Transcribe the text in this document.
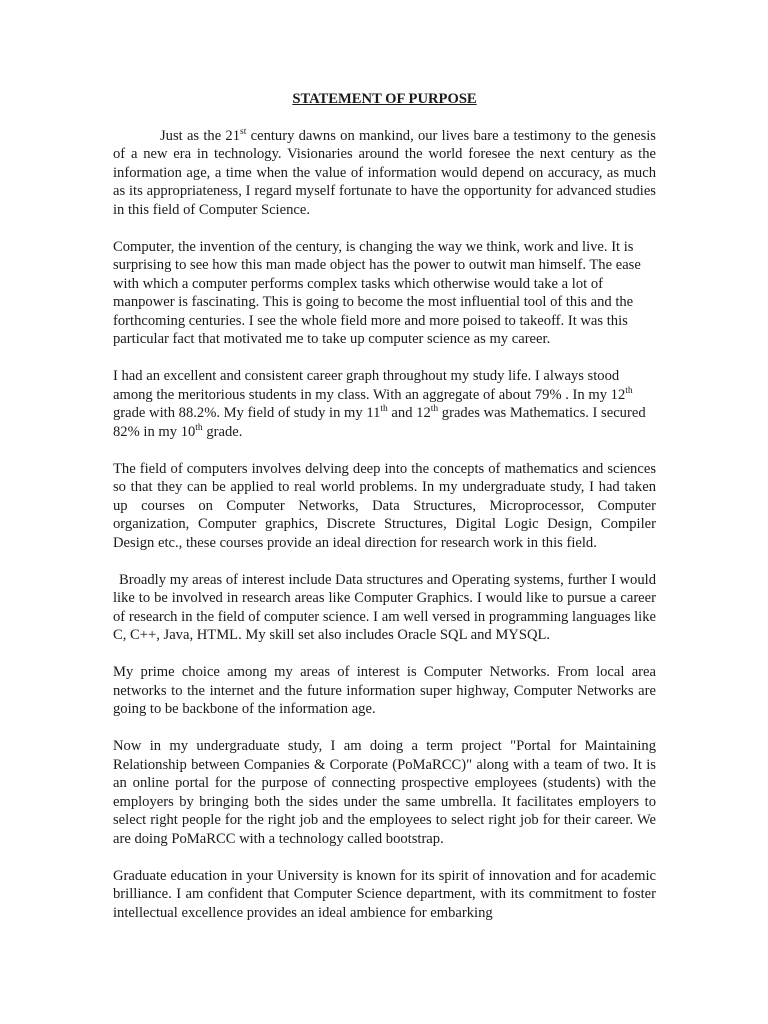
STATEMENT OF PURPOSE

Just as the 21st century dawns on mankind, our lives bare a testimony to the genesis of a new era in technology. Visionaries around the world foresee the next century as the information age, a time when the value of information would depend on accuracy, as much as its appropriateness, I regard myself fortunate to have the opportunity for advanced studies in this field of Computer Science.

Computer, the invention of the century, is changing the way we think, work and live. It is surprising to see how this man made object has the power to outwit man himself. The ease with which a computer performs complex tasks which otherwise would take a lot of manpower is fascinating. This is going to become the most influential tool of this and the forthcoming centuries. I see the whole field more and more poised to takeoff. It was this particular fact that motivated me to take up computer science as my career.

I had an excellent and consistent career graph throughout my study life. I always stood among the meritorious students in my class. With an aggregate of about 79% . In my 12th grade with 88.2%. My field of study in my 11th and 12th grades was Mathematics. I secured 82% in my 10th grade.

The field of computers involves delving deep into the concepts of mathematics and sciences so that they can be applied to real world problems. In my undergraduate study, I had taken up courses on Computer Networks, Data Structures, Microprocessor, Computer organization, Computer graphics, Discrete Structures, Digital Logic Design, Compiler Design etc., these courses provide an ideal direction for research work in this field.

Broadly my areas of interest include Data structures and Operating systems, further I would like to be involved in research areas like Computer Graphics. I would like to pursue a career of research in the field of computer science. I am well versed in programming languages like C, C++, Java, HTML. My skill set also includes Oracle SQL and MYSQL.

My prime choice among my areas of interest is Computer Networks. From local area networks to the internet and the future information super highway, Computer Networks are going to be backbone of the information age.

Now in my undergraduate study, I am doing a term project "Portal for Maintaining Relationship between Companies & Corporate (PoMaRCC)" along with a team of two. It is an online portal for the purpose of connecting prospective employees (students) with the employers by bringing both the sides under the same umbrella. It facilitates employers to select right people for the right job and the employees to select right job for their career. We are doing PoMaRCC with a technology called bootstrap.

Graduate education in your University is known for its spirit of innovation and for academic brilliance. I am confident that Computer Science department, with its commitment to foster intellectual excellence provides an ideal ambience for embarking
